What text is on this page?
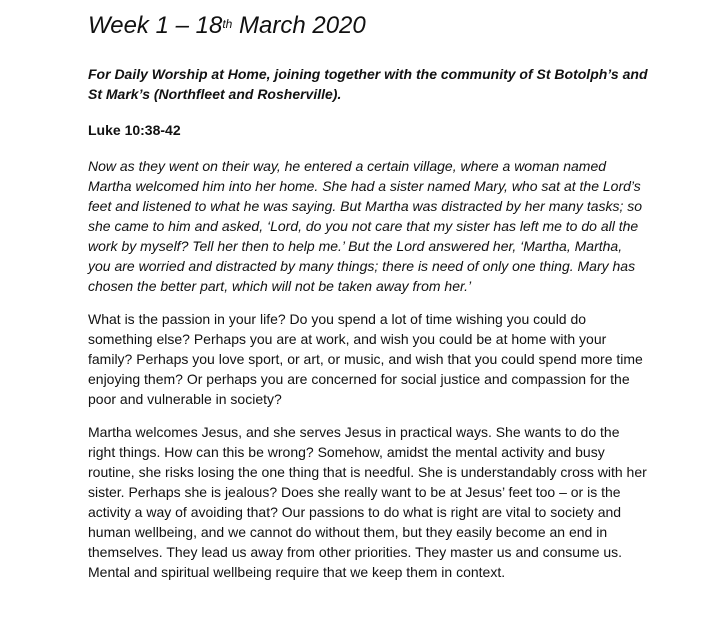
Week 1 – 18th March 2020

For Daily Worship at Home, joining together with the community of St Botolph’s and St Mark’s (Northfleet and Rosherville).

Luke 10:38-42

Now as they went on their way, he entered a certain village, where a woman named Martha welcomed him into her home. She had a sister named Mary, who sat at the Lord’s feet and listened to what he was saying. But Martha was distracted by her many tasks; so she came to him and asked, ‘Lord, do you not care that my sister has left me to do all the work by myself? Tell her then to help me.’ But the Lord answered her, ‘Martha, Martha, you are worried and distracted by many things; there is need of only one thing. Mary has chosen the better part, which will not be taken away from her.’

What is the passion in your life? Do you spend a lot of time wishing you could do something else? Perhaps you are at work, and wish you could be at home with your family? Perhaps you love sport, or art, or music, and wish that you could spend more time enjoying them? Or perhaps you are concerned for social justice and compassion for the poor and vulnerable in society?

Martha welcomes Jesus, and she serves Jesus in practical ways. She wants to do the right things. How can this be wrong? Somehow, amidst the mental activity and busy routine, she risks losing the one thing that is needful. She is understandably cross with her sister. Perhaps she is jealous? Does she really want to be at Jesus’ feet too – or is the activity a way of avoiding that? Our passions to do what is right are vital to society and human wellbeing, and we cannot do without them, but they easily become an end in themselves. They lead us away from other priorities. They master us and consume us. Mental and spiritual wellbeing require that we keep them in context.
